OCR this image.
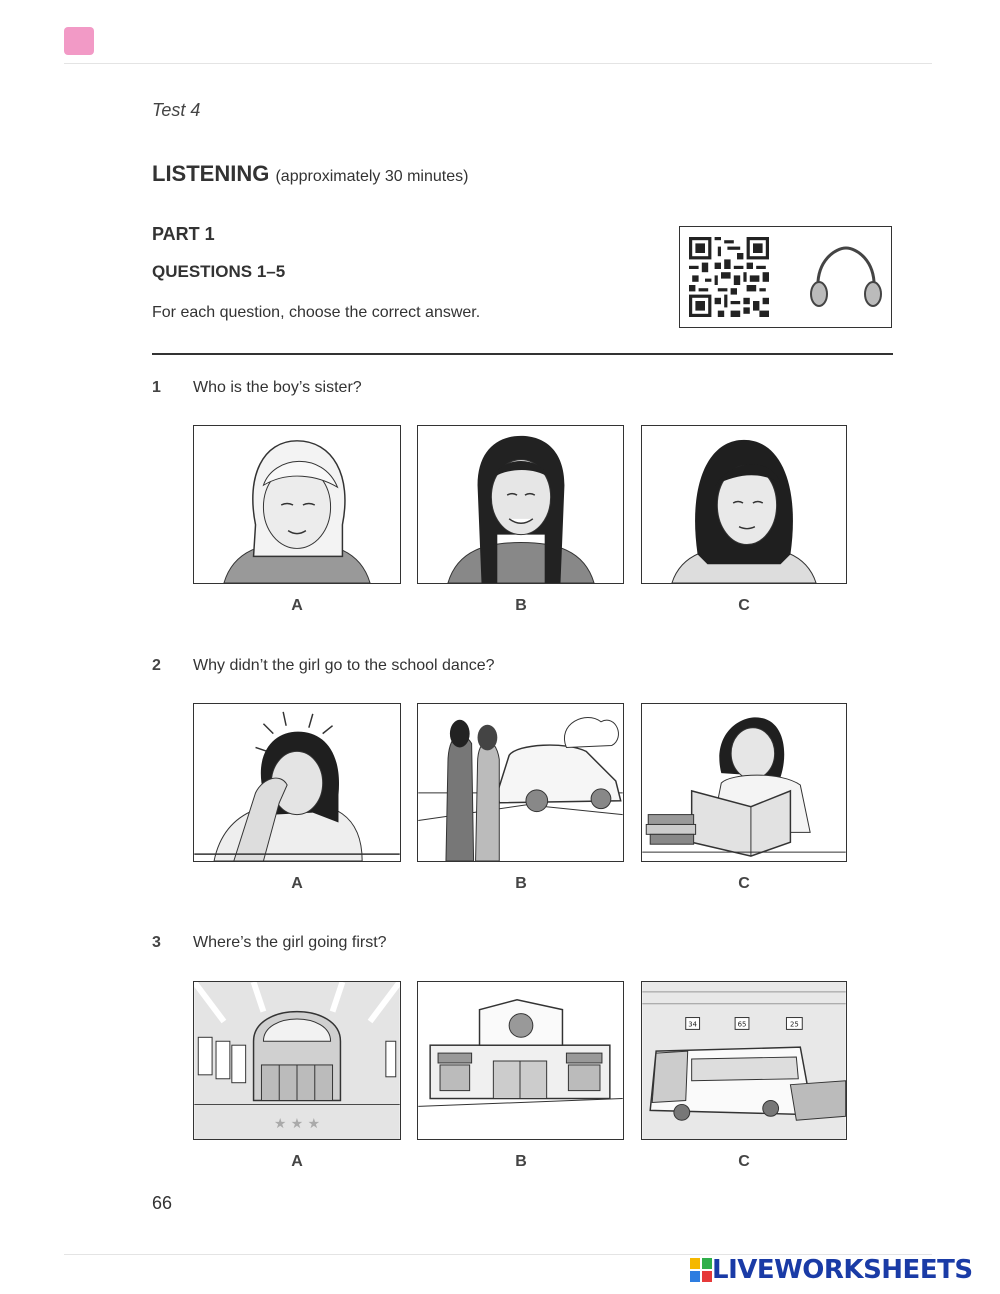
Test 4
LISTENING (approximately 30 minutes)
PART 1
QUESTIONS 1–5
For each question, choose the correct answer.
1 Who is the boy’s sister?
A	B	C
2 Why didn’t the girl go to the school dance?
A	B	C
3 Where’s the girl going first?
★ ★ ★
34	65	25
A	B	C
66
LIVEWORKSHEETS
